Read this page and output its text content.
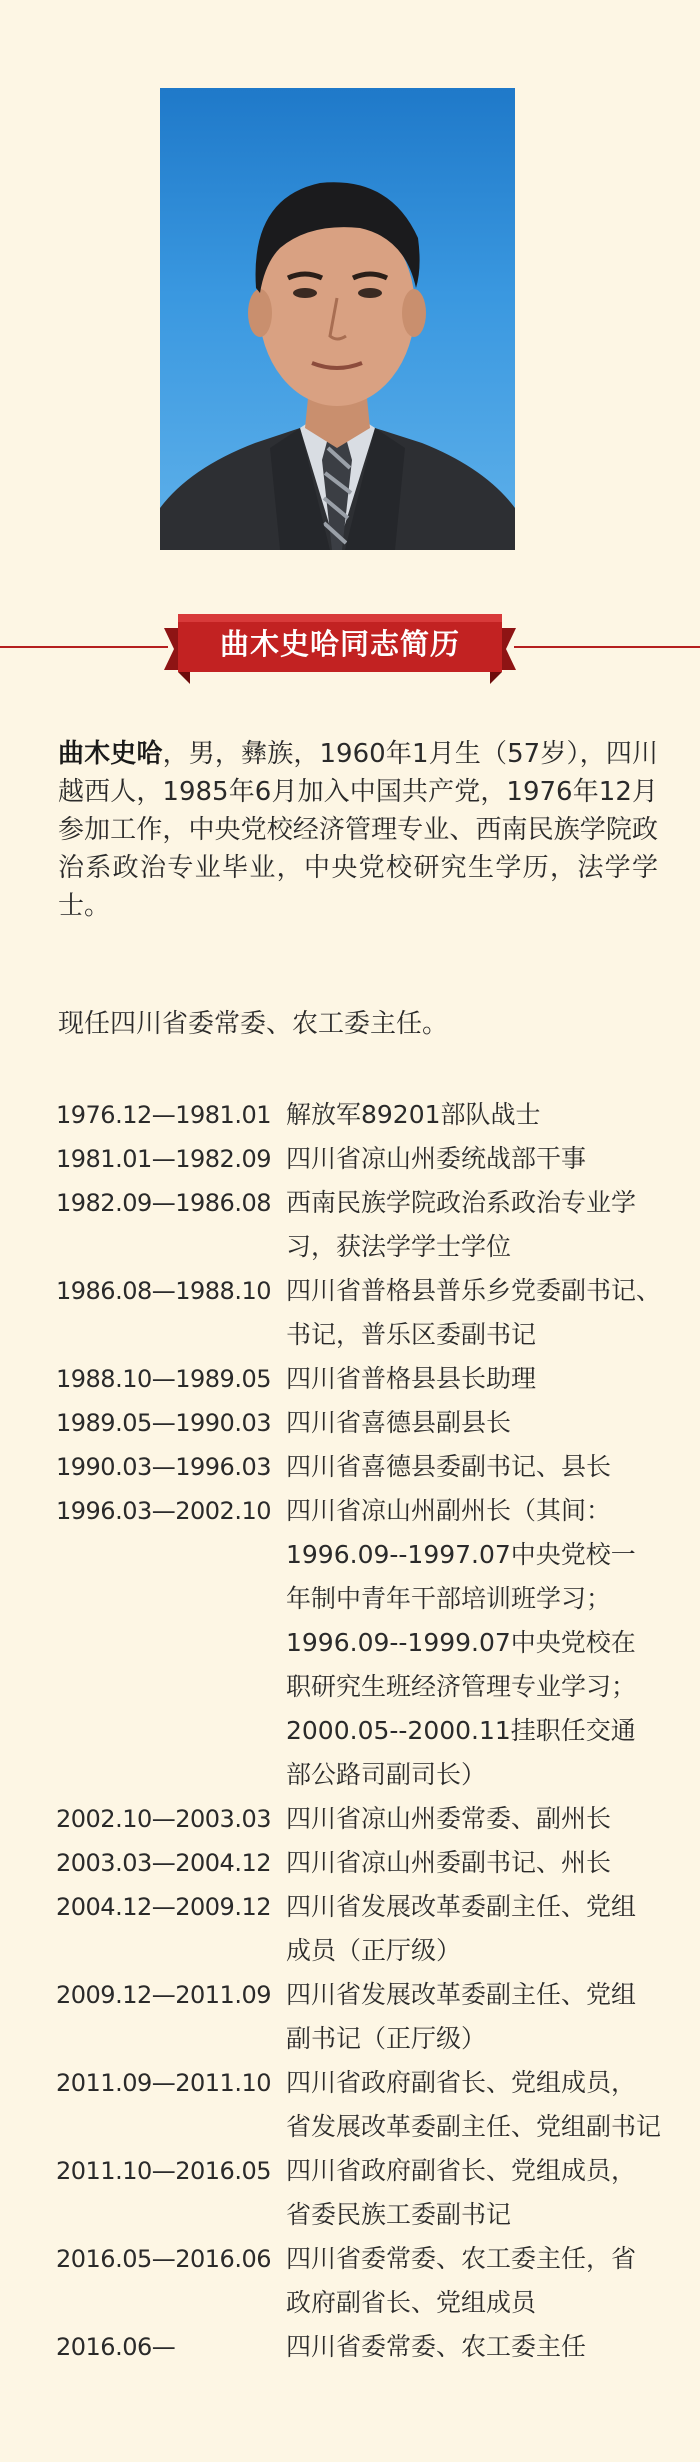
曲木史哈同志简历
曲木史哈，男，彝族，1960年1月生（57岁），四川越西人，1985年6月加入中国共产党，1976年12月参加工作，中央党校经济管理专业、西南民族学院政治系政治专业毕业，中央党校研究生学历，法学学士。
现任四川省委常委、农工委主任。
1976.12—1981.01 解放军89201部队战士
1981.01—1982.09 四川省凉山州委统战部干事
1982.09—1986.08 西南民族学院政治系政治专业学
习，获法学学士学位
1986.08—1988.10 四川省普格县普乐乡党委副书记、
书记，普乐区委副书记
1988.10—1989.05 四川省普格县县长助理
1989.05—1990.03 四川省喜德县副县长
1990.03—1996.03 四川省喜德县委副书记、县长
1996.03—2002.10 四川省凉山州副州长（其间：
1996.09--1997.07中央党校一
年制中青年干部培训班学习；
1996.09--1999.07中央党校在
职研究生班经济管理专业学习；
2000.05--2000.11挂职任交通
部公路司副司长）
2002.10—2003.03 四川省凉山州委常委、副州长
2003.03—2004.12 四川省凉山州委副书记、州长
2004.12—2009.12 四川省发展改革委副主任、党组
成员（正厅级）
2009.12—2011.09 四川省发展改革委副主任、党组
副书记（正厅级）
2011.09—2011.10 四川省政府副省长、党组成员，
省发展改革委副主任、党组副书记
2011.10—2016.05 四川省政府副省长、党组成员，
省委民族工委副书记
2016.05—2016.06 四川省委常委、农工委主任，省
政府副省长、党组成员
2016.06—	四川省委常委、农工委主任
